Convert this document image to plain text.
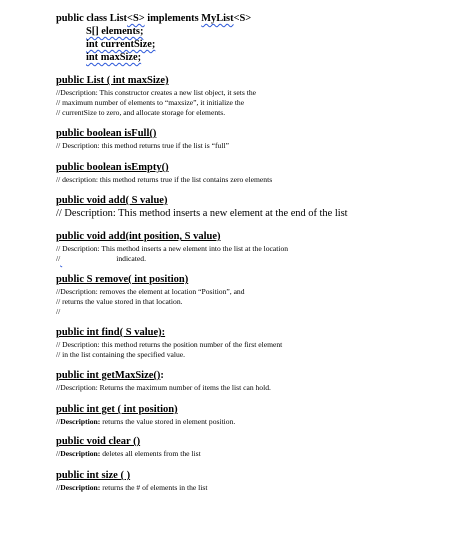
public class List<S> implements MyList<S>
S[] elements;
int currentSize;
int maxSize;
public List ( int maxSize)
//Description: This constructor creates a new list object, it sets the
// maximum number of elements to “maxsize”, it initialize the
// currentSize to zero, and allocate storage for elements.
public boolean isFull()
// Description: this method returns true if the list is “full”
public boolean isEmpty()
// description: this method returns true if the list contains zero elements
public void add( S value)
// Description: This method inserts a new element at the end of the list
public void add(int position, S value)
// Description: This method inserts a new element into the list at the location
//	indicated.
public S remove( int position)
//Description: removes the element at location “Position”, and
// returns the value stored in that location.
//
public int find( S value):
// Description: this method returns the position number of the first element
// in the list containing the specified value.
public int getMaxSize():
//Description: Returns the maximum number of items the list can hold.
public int get ( int position)
//Description: returns the value stored in element position.
public void clear ()
//Description: deletes all elements from the list
public int size ( )
//Description: returns the # of elements in the list
